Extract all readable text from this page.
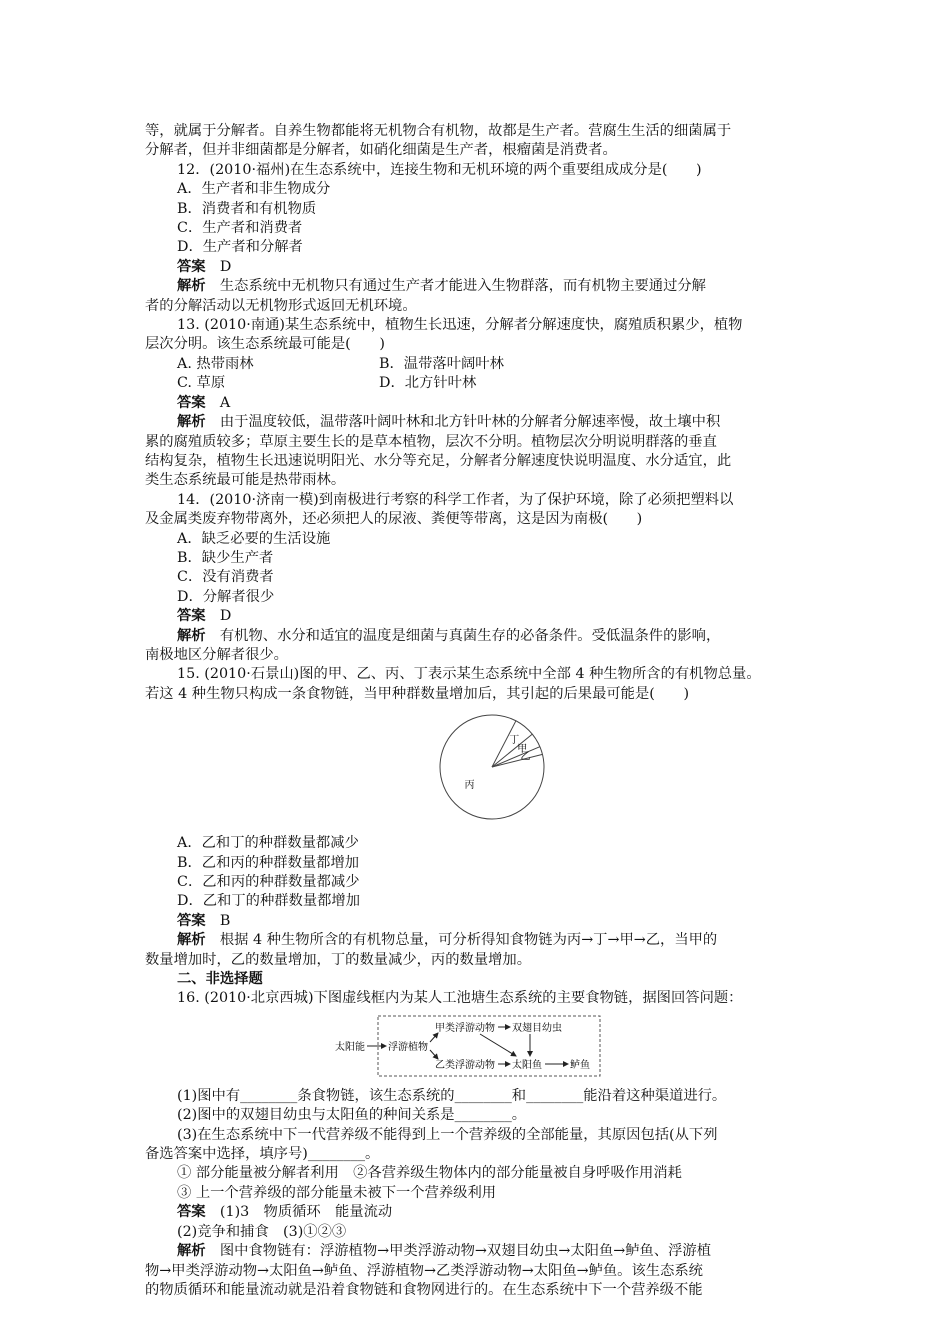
等，就属于分解者。自养生物都能将无机物合有机物，故都是生产者。营腐生生活的细菌属于

分解者，但并非细菌都是分解者，如硝化细菌是生产者，根瘤菌是消费者。

12．(2010·福州)在生态系统中，连接生物和无机环境的两个重要组成成分是(　　)

A．生产者和非生物成分

B．消费者和有机物质

C．生产者和消费者

D．生产者和分解者

答案　D

解析　生态系统中无机物只有通过生产者才能进入生物群落，而有机物主要通过分解

者的分解活动以无机物形式返回无机环境。

13. (2010·南通)某生态系统中，植物生长迅速，分解者分解速度快，腐殖质积累少，植物

层次分明。该生态系统最可能是(　　)

A. 热带雨林	B．温带落叶阔叶林
C. 草原	D．北方针叶林

答案　A

解析　由于温度较低，温带落叶阔叶林和北方针叶林的分解者分解速率慢，故土壤中积

累的腐殖质较多；草原主要生长的是草本植物，层次不分明。植物层次分明说明群落的垂直

结构复杂，植物生长迅速说明阳光、水分等充足，分解者分解速度快说明温度、水分适宜，此

类生态系统最可能是热带雨林。

14．(2010·济南一模)到南极进行考察的科学工作者，为了保护环境，除了必须把塑料以

及金属类废弃物带离外，还必须把人的尿液、粪便等带离，这是因为南极(　　)

A．缺乏必要的生活设施

B．缺少生产者

C．没有消费者

D．分解者很少

答案　D

解析　有机物、水分和适宜的温度是细菌与真菌生存的必备条件。受低温条件的影响，

南极地区分解者很少。

15. (2010·石景山)图的甲、乙、丙、丁表示某生态系统中全部 4 种生物所含的有机物总量。

若这 4 种生物只构成一条食物链，当甲种群数量增加后，其引起的后果最可能是(　　)

丙
丁
甲
乙

A．乙和丁的种群数量都减少

B．乙和丙的种群数量都增加

C．乙和丙的种群数量都减少

D．乙和丁的种群数量都增加

答案　B

解析　根据 4 种生物所含的有机物总量，可分析得知食物链为丙→丁→甲→乙，当甲的

数量增加时，乙的数量增加，丁的数量减少，丙的数量增加。

二、非选择题

16. (2010·北京西城)下图虚线框内为某人工池塘生态系统的主要食物链，据图回答问题：

太阳能 浮游植物
甲类浮游动物 双翅目幼虫
乙类浮游动物 太阳鱼	鲈鱼

(1)图中有________条食物链，该生态系统的________和________能沿着这种渠道进行。

(2)图中的双翅目幼虫与太阳鱼的种间关系是________。

(3)在生态系统中下一代营养级不能得到上一个营养级的全部能量，其原因包括(从下列

备选答案中选择，填序号)________。

① 部分能量被分解者利用　②各营养级生物体内的部分能量被自身呼吸作用消耗

③ 上一个营养级的部分能量未被下一个营养级利用

答案　(1)3　物质循环　能量流动

(2)竞争和捕食　(3)①②③

解析　图中食物链有：浮游植物→甲类浮游动物→双翅目幼虫→太阳鱼→鲈鱼、浮游植

物→甲类浮游动物→太阳鱼→鲈鱼、浮游植物→乙类浮游动物→太阳鱼→鲈鱼。该生态系统

的物质循环和能量流动就是沿着食物链和食物网进行的。在生态系统中下一个营养级不能
